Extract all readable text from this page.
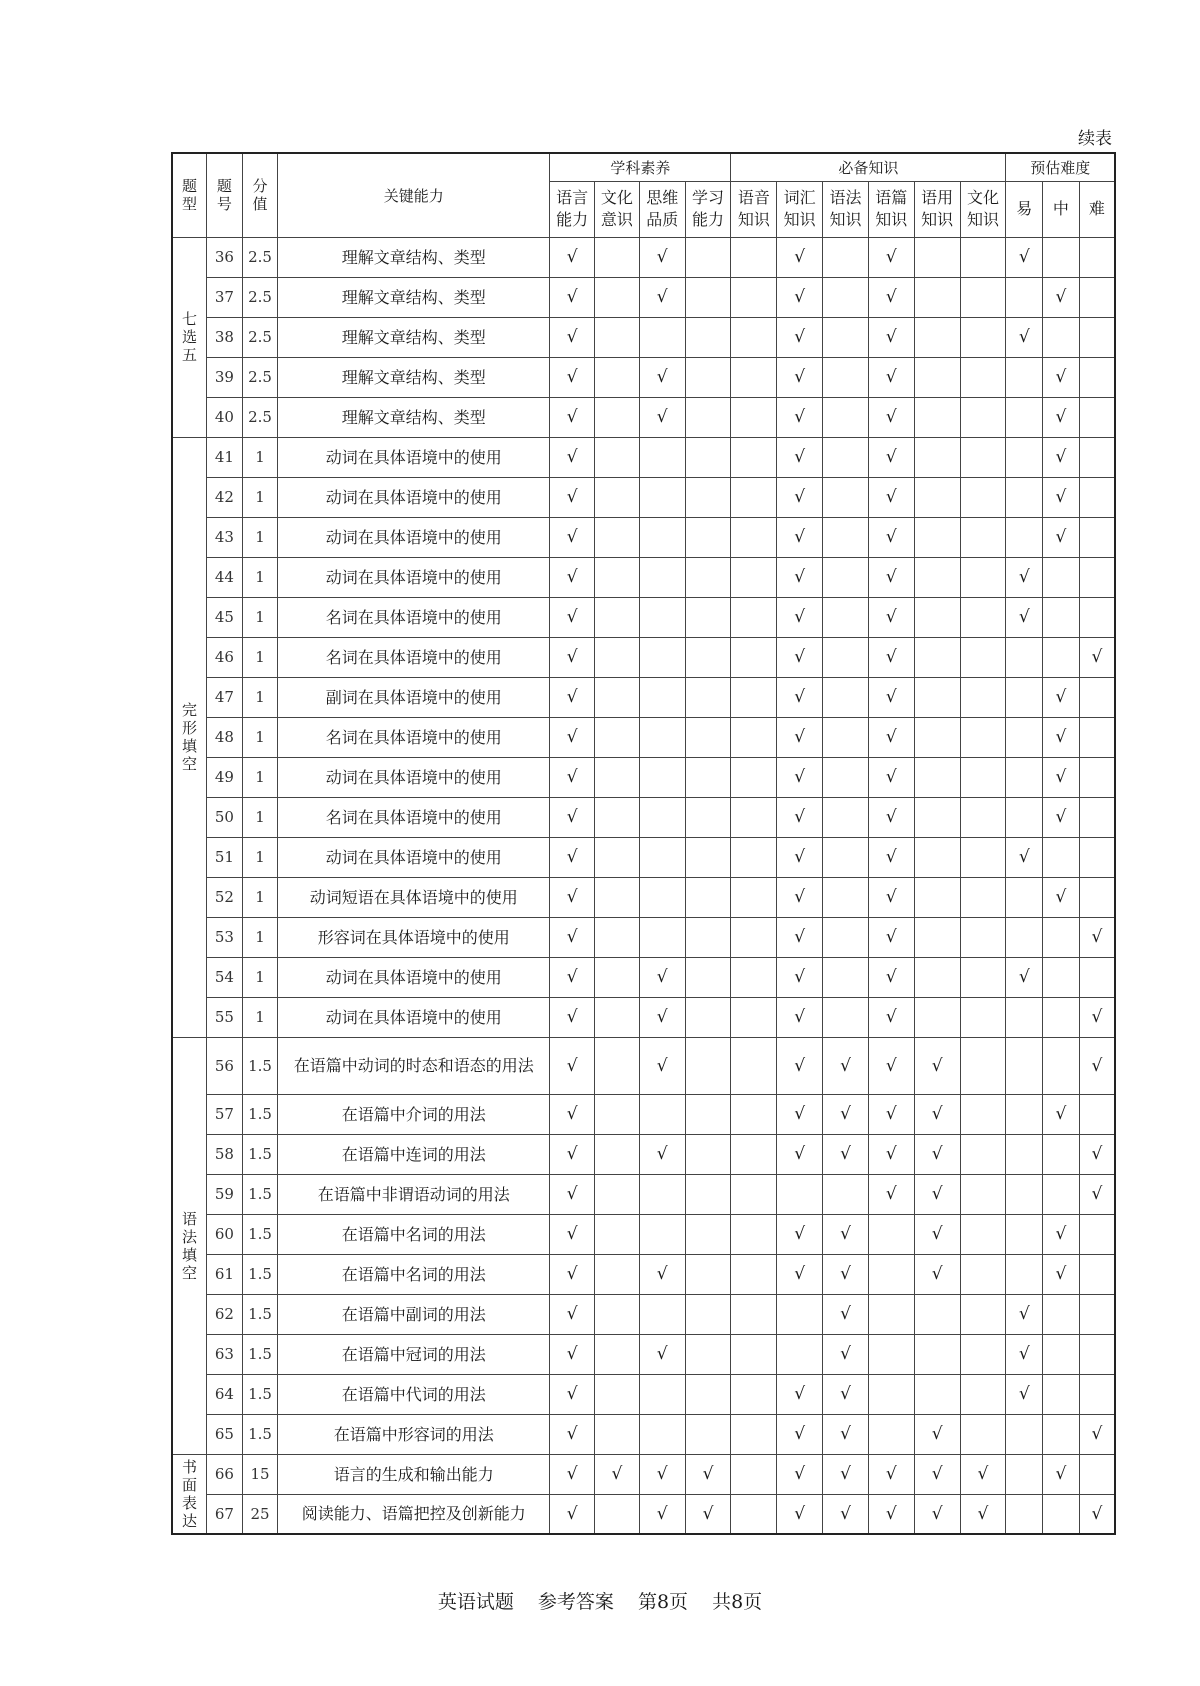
续表
题型	题号	分值	关键能力	学科素养				必备知识						预估难度		
				语言能力	文化意识	思维品质	学习能力	语音知识	词汇知识	语法知识	语篇知识	语用知识	文化知识	易	中	难
七选五	36	2.5	理解文章结构、类型	√		√			√		√			√		
	37	2.5	理解文章结构、类型	√		√			√		√				√	
	38	2.5	理解文章结构、类型	√					√		√			√		
	39	2.5	理解文章结构、类型	√		√			√		√				√	
	40	2.5	理解文章结构、类型	√		√			√		√				√	
完形填空	41	1	动词在具体语境中的使用	√					√		√				√	
	42	1	动词在具体语境中的使用	√					√		√				√	
	43	1	动词在具体语境中的使用	√					√		√				√	
	44	1	动词在具体语境中的使用	√					√		√			√		
	45	1	名词在具体语境中的使用	√					√		√			√		
	46	1	名词在具体语境中的使用	√					√		√					√
	47	1	副词在具体语境中的使用	√					√		√				√	
	48	1	名词在具体语境中的使用	√					√		√				√	
	49	1	动词在具体语境中的使用	√					√		√				√	
	50	1	名词在具体语境中的使用	√					√		√				√	
	51	1	动词在具体语境中的使用	√					√		√			√		
	52	1	动词短语在具体语境中的使用	√					√		√				√	
	53	1	形容词在具体语境中的使用	√					√		√					√
	54	1	动词在具体语境中的使用	√		√			√		√			√		
	55	1	动词在具体语境中的使用	√		√			√		√					√
语法填空	56	1.5	在语篇中动词的时态和语态的用法	√		√			√	√	√	√				√
	57	1.5	在语篇中介词的用法	√					√	√	√	√			√	
	58	1.5	在语篇中连词的用法	√		√			√	√	√	√				√
	59	1.5	在语篇中非谓语动词的用法	√							√	√				√
	60	1.5	在语篇中名词的用法	√					√	√		√			√	
	61	1.5	在语篇中名词的用法	√		√			√	√		√			√	
	62	1.5	在语篇中副词的用法	√						√				√		
	63	1.5	在语篇中冠词的用法	√		√				√				√		
	64	1.5	在语篇中代词的用法	√					√	√				√		
	65	1.5	在语篇中形容词的用法	√					√	√		√				√
书面表达	66	15	语言的生成和输出能力	√	√	√	√		√	√	√	√	√		√	
	67	25	阅读能力、语篇把控及创新能力	√		√	√		√	√	√	√	√			√
英语试题 参考答案 第8页 共8页
